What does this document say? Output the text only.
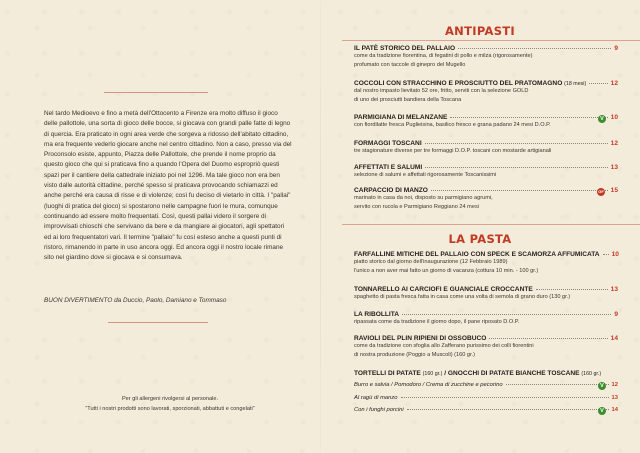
Nel tardo Medioevo e fino a metà dell'Ottocento a Firenze era molto diffuso il gioco delle pallottole, una sorta di gioco delle bocce, si giocava con grandi palle fatte di legno di quercia. Era praticato in ogni area verde che sorgeva a ridosso dell'abitato cittadino, ma era frequente vederlo giocare anche nel centro cittadino. Non a caso, presso via del Proconsolo esiste, appunto, Piazza delle Pallottole, che prende il nome proprio da questo gioco che qui si praticava fino a quando l'Opera del Duomo espropriò questi spazi per il cantiere della cattedrale iniziato poi nel 1296. Ma tale gioco non era ben visto dalle autorità cittadine, perché spesso si praticava provocando schiamazzi ed anche perché era causa di risse e di violenze; così fu deciso di vietarlo in città. I "pallai" (luoghi di pratica del gioco) si spostarono nelle campagne fuori le mura, comunque continuando ad essere molto frequentati. Così, questi pallai videro il sorgere di improvvisati chioschi che servivano da bere e da mangiare ai giocatori, agli spettatori ed ai loro frequentatori vari. Il termine "pallaio" fu così esteso anche a questi punti di ristoro, rimanendo in parte in uso ancora oggi. Ed ancora oggi il nostro locale rimane sito nel giardino dove si giocava e si consumava.

BUON DIVERTIMENTO da Duccio, Paolo, Damiano e Tommaso

Per gli allergeni rivolgersi al personale.
“Tutti i nostri prodotti sono lavorati, sporzionati, abbattuti e congelati”
ANTIPASTI
IL PATÈ STORICO DEL PALLAIO	9
come da tradizione fiorentina, di fegatini di pollo e milza (rigorosamente)
profumato con taccole di ginepro del Mugello
COCCOLI CON STRACCHINO E PROSCIUTTO DEL PRATOMAGNO (18 mesi)	12
dal nostro impasto lievitato 52 ore, fritto, serviti con la selezione GOLD
di uno dei prosciutti bandiera della Toscana
PARMIGIANA DI MELANZANE	10
con fiordilatte fresca Puglieisina, basilico fresco e grana padano 24 mesi D.O.P.
V
FORMAGGI TOSCANI	12
tre stagionature diverse per tre formaggi D.O.P. toscani con mostarde artigianali
AFFETTATI E SALUMI	13
selezione di salumi e affettati rigorosamente Toscanissimi
CARPACCIO DI MANZO	15
marinato in casa da noi, disposto su parmigiano agrumi,
servito con rucola e Parmigiano Reggiano 24 mesi
GF
LA PASTA
FARFALLINE MITICHE DEL PALLAIO CON SPECK E SCAMORZA AFFUMICATA 10
piatto storico dal giorno dell'inaugurazione (12 Febbraio 1989)
l'unico a non aver mai fatto un giorno di vacanza (cottura 10 min. - 100 gr.)
TONNARELLO AI CARCIOFI E GUANCIALE CROCCANTE	13
spaghetto di pasta fresca fatta in casa come una volta di semola di grano duro (130 gr.)
LA RIBOLLITA	9
ripassata come da tradizione il giorno dopo, il pane riposato D.O.P.
RAVIOLI DEL PLIN RIPIENI DI OSSOBUCO	14
come da tradizione con sfoglia allo Zafferano purissimo dei colli fiorentini
di nostra produzione (Poggio a Muscoli) (160 gr.)
TORTELLI DI PATATE (160 gr.) / GNOCCHI DI PATATE BIANCHE TOSCANE (160 gr.)
Burro e salvia / Pomodoro / Crema di zucchine e pecorino	12
V
Al ragù di manzo	13
Con i funghi porcini	14
V
